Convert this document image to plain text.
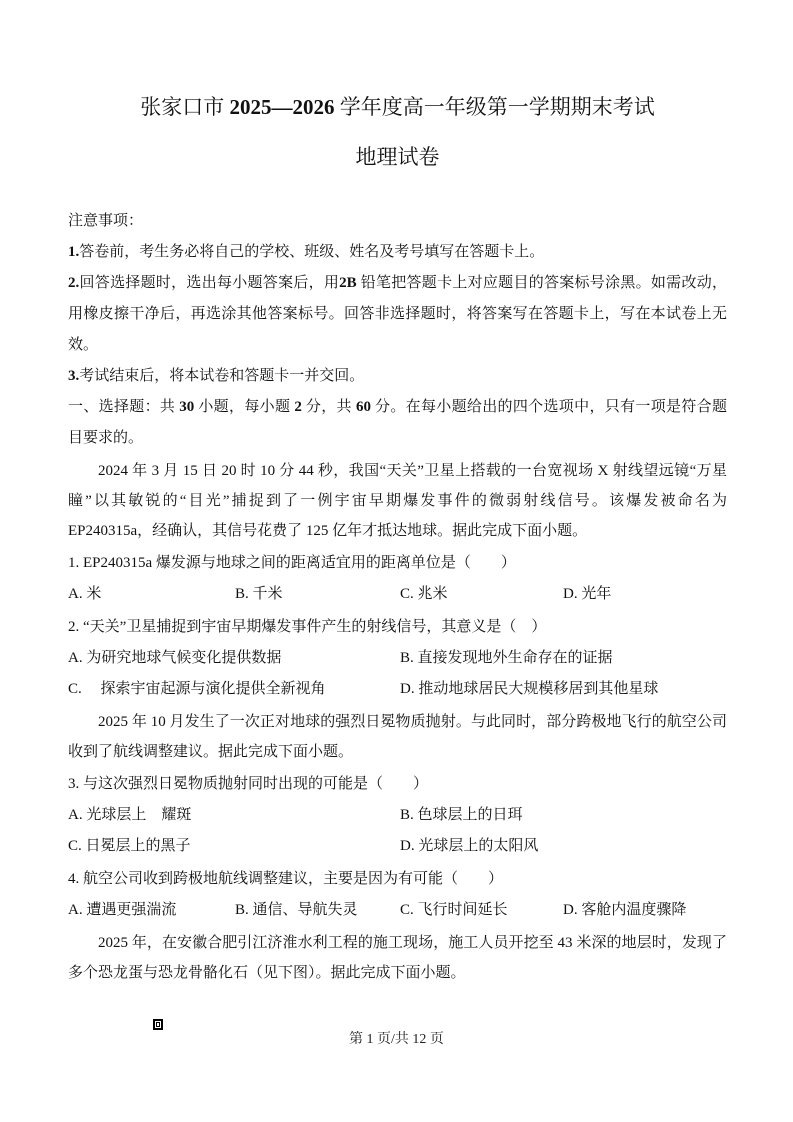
张家口市 2025—2026 学年度高一年级第一学期期末考试
地理试卷

注意事项：

1.答卷前，考生务必将自己的学校、班级、姓名及考号填写在答题卡上。

2.回答选择题时，选出每小题答案后，用2B 铅笔把答题卡上对应题目的答案标号涂黑。如需改动，用橡皮擦干净后，再选涂其他答案标号。回答非选择题时，将答案写在答题卡上，写在本试卷上无效。

3.考试结束后，将本试卷和答题卡一并交回。

一、选择题：共 30 小题，每小题 2 分，共 60 分。在每小题给出的四个选项中，只有一项是符合题目要求的。

2024 年 3 月 15 日 20 时 10 分 44 秒，我国“天关”卫星上搭载的一台宽视场 X 射线望远镜“万星瞳”以其敏锐的“目光”捕捉到了一例宇宙早期爆发事件的微弱射线信号。该爆发被命名为 EP240315a，经确认，其信号花费了 125 亿年才抵达地球。据此完成下面小题。

1. EP240315a 爆发源与地球之间的距离适宜用的距离单位是（　　）

A. 米	B. 千米	C. 兆米	D. 光年

2. “天关”卫星捕捉到宇宙早期爆发事件产生的射线信号，其意义是（　）

A. 为研究地球气候变化提供数据	B. 直接发现地外生命存在的证据
C.　 探索宇宙起源与演化提供全新视角	D. 推动地球居民大规模移居到其他星球

2025 年 10 月发生了一次正对地球的强烈日冕物质抛射。与此同时，部分跨极地飞行的航空公司收到了航线调整建议。据此完成下面小题。

3. 与这次强烈日冕物质抛射同时出现的可能是（　　）

A. 光球层上　耀斑	B. 色球层上的日珥
C. 日冕层上的黑子	D. 光球层上的太阳风

4. 航空公司收到跨极地航线调整建议，主要是因为有可能（　　）

A. 遭遇更强湍流	B. 通信、导航失灵	C. 飞行时间延长	D. 客舱内温度骤降

2025 年，在安徽合肥引江济淮水利工程的施工现场，施工人员开挖至 43 米深的地层时，发现了多个恐龙蛋与恐龙骨骼化石（见下图）。据此完成下面小题。

第 1 页/共 12 页
